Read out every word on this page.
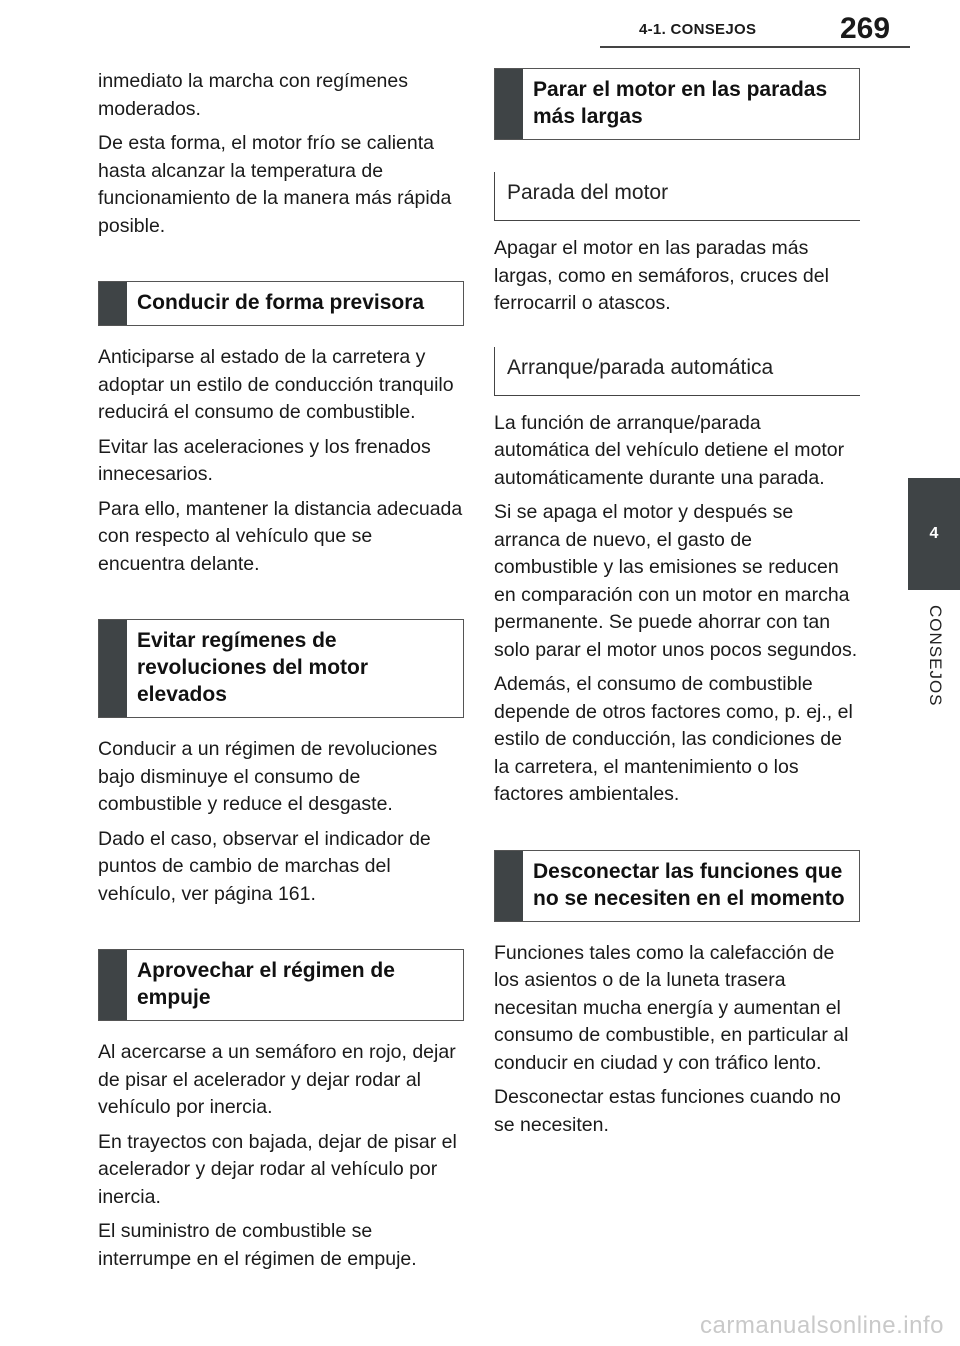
4-1. CONSEJOS	269
4
CONSEJOS

inmediato la marcha con regímenes moderados.

De esta forma, el motor frío se calienta hasta alcanzar la temperatura de funcionamiento de la manera más rápida posible.

Conducir de forma previsora

Anticiparse al estado de la carretera y adoptar un estilo de conducción tranquilo reducirá el consumo de combustible.

Evitar las aceleraciones y los frenados innecesarios.

Para ello, mantener la distancia adecuada con respecto al vehículo que se encuentra delante.

Evitar regímenes de revoluciones del motor elevados

Conducir a un régimen de revoluciones bajo disminuye el consumo de combustible y reduce el desgaste.

Dado el caso, observar el indicador de puntos de cambio de marchas del vehículo, ver página 161.

Aprovechar el régimen de empuje

Al acercarse a un semáforo en rojo, dejar de pisar el acelerador y dejar rodar al vehículo por inercia.

En trayectos con bajada, dejar de pisar el acelerador y dejar rodar al vehículo por inercia.

El suministro de combustible se interrumpe en el régimen de empuje.

Parar el motor en las paradas más largas
Parada del motor

Apagar el motor en las paradas más largas, como en semáforos, cruces del ferrocarril o atascos.

Arranque/parada automática

La función de arranque/parada automática del vehículo detiene el motor automáticamente durante una parada.

Si se apaga el motor y después se arranca de nuevo, el gasto de combustible y las emisiones se reducen en comparación con un motor en marcha permanente. Se puede ahorrar con tan solo parar el motor unos pocos segundos.

Además, el consumo de combustible depende de otros factores como, p. ej., el estilo de conducción, las condiciones de la carretera, el mantenimiento o los factores ambientales.

Desconectar las funciones que no se necesiten en el momento

Funciones tales como la calefacción de los asientos o de la luneta trasera necesitan mucha energía y aumentan el consumo de combustible, en particular al conducir en ciudad y con tráfico lento.

Desconectar estas funciones cuando no se necesiten.

carmanualsonline.info
